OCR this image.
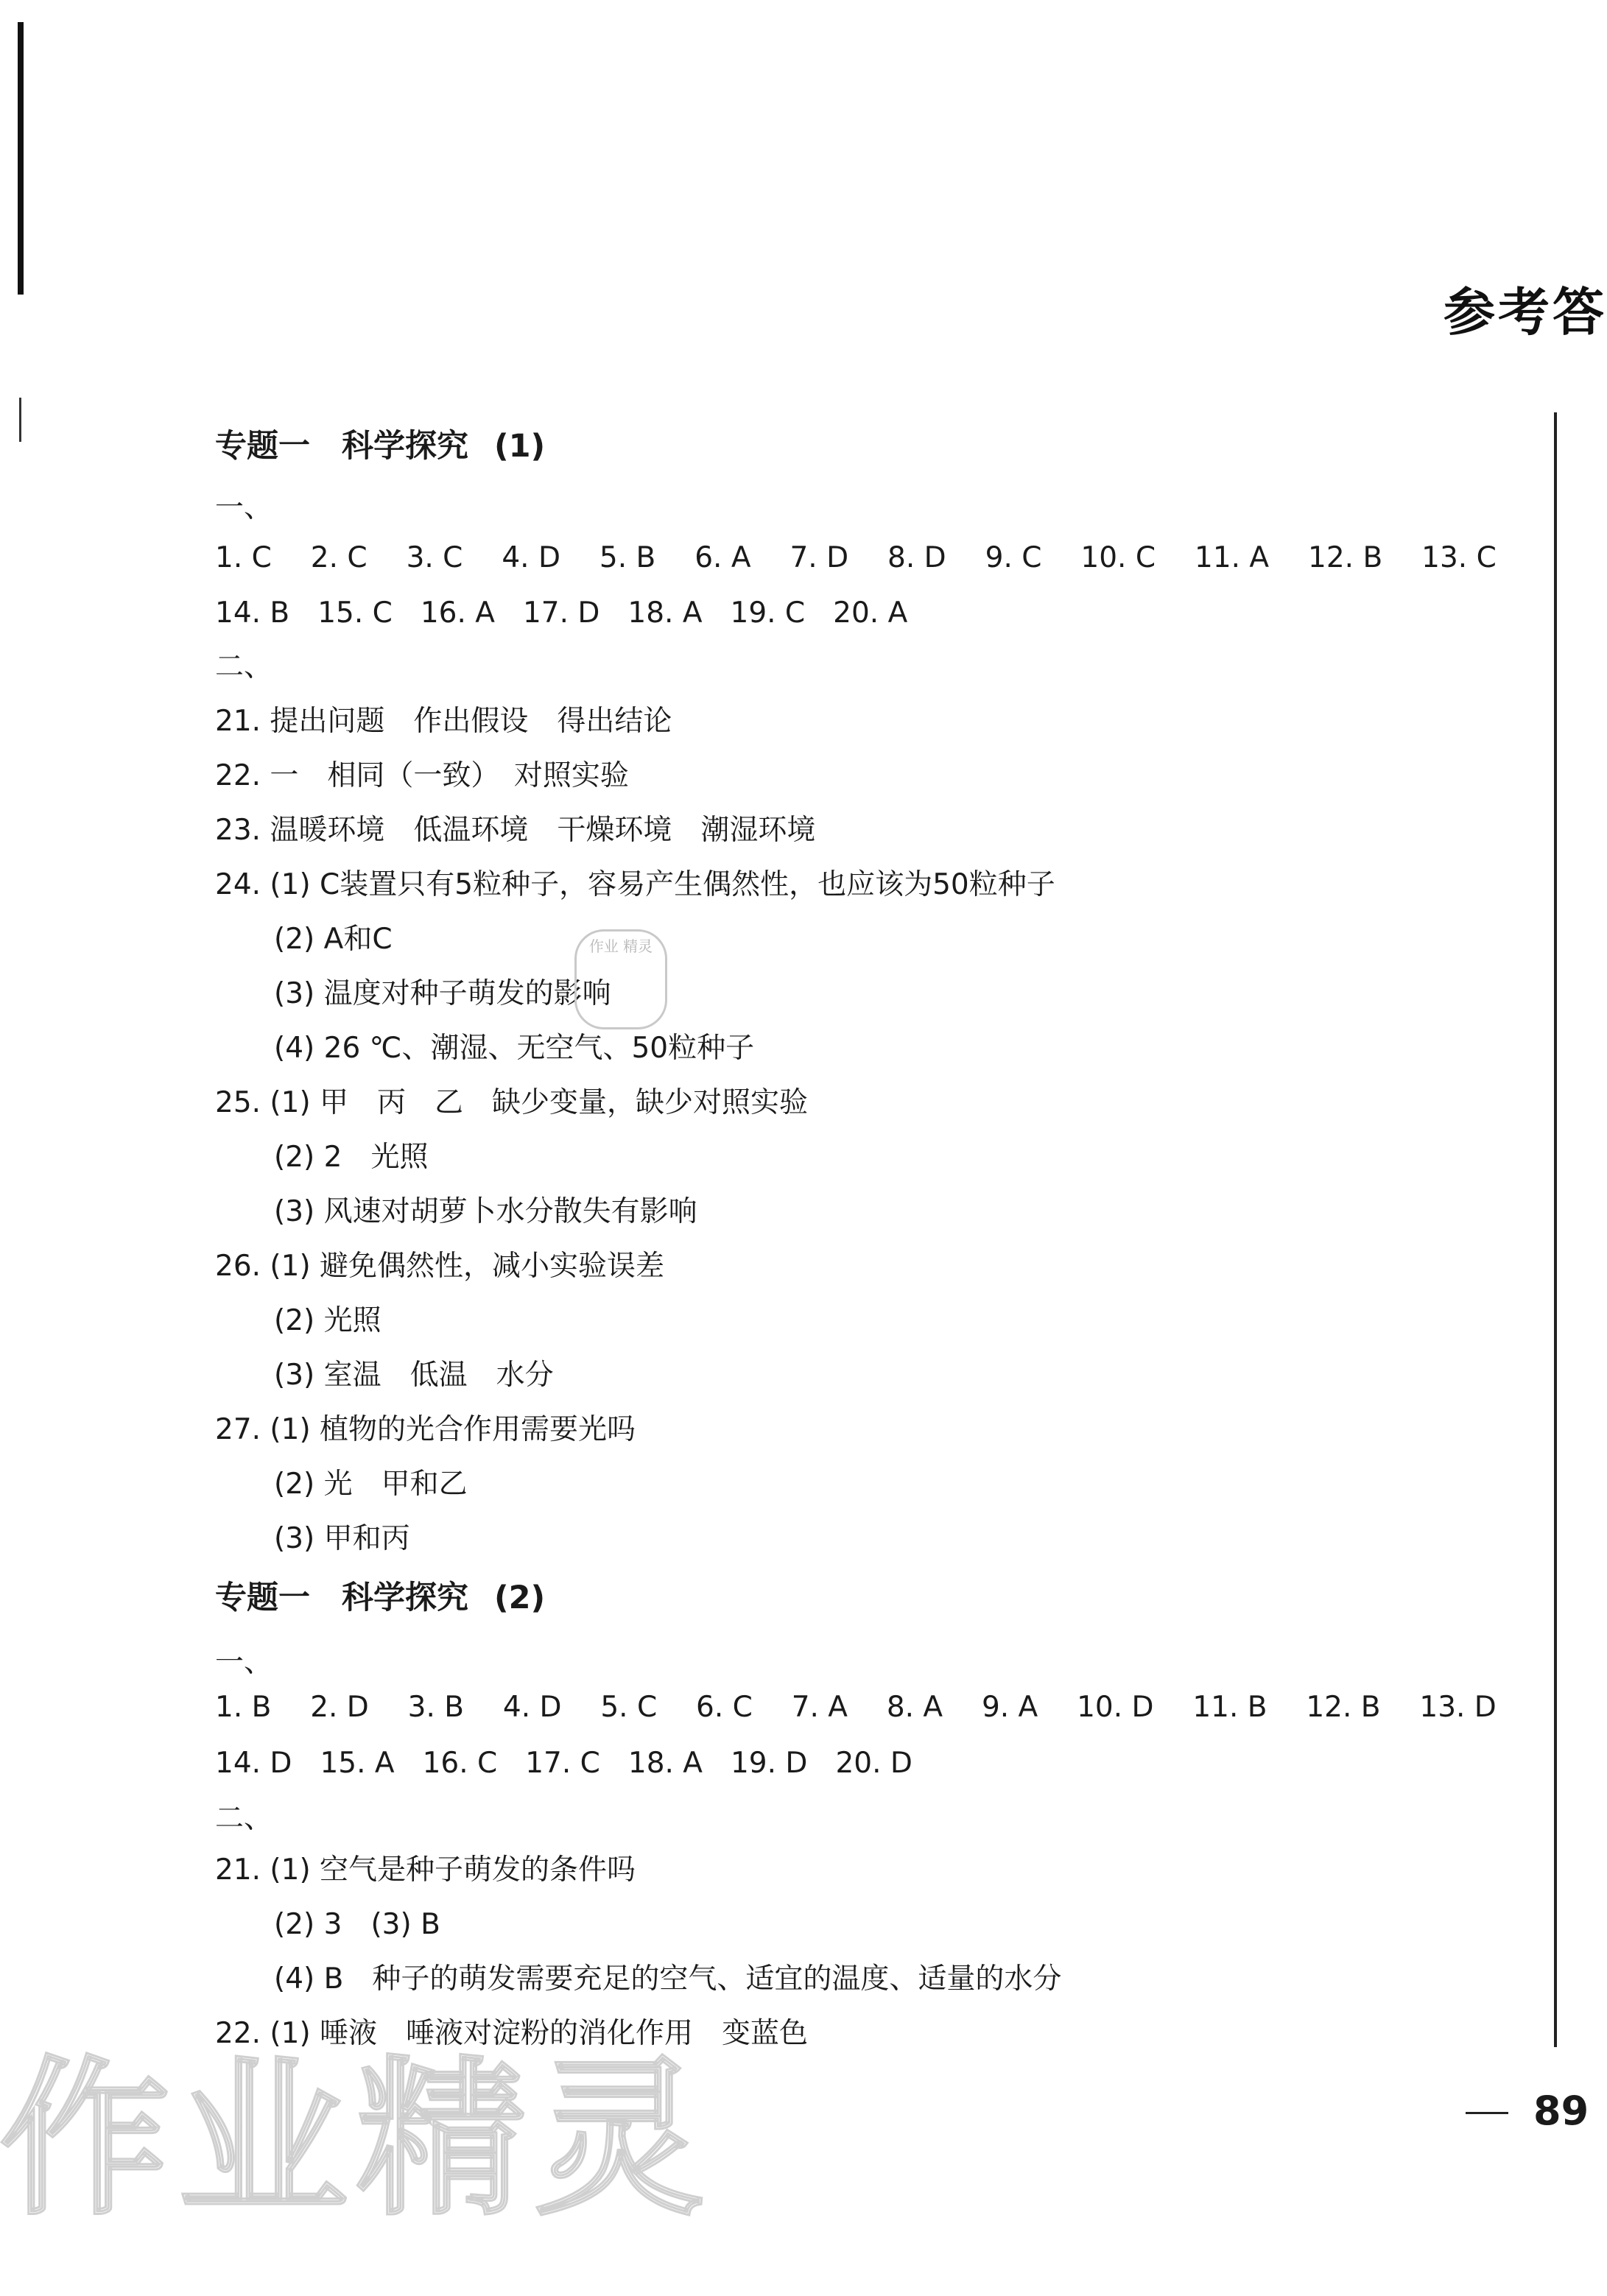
参考答
专题一　科学探究 (1)
一、
1. C 2. C 3. C 4. D 5. B 6. A 7. D 8. D 9. C 10. C 11. A 12. B 13. C
14. B 15. C 16. A 17. D 18. A 19. C 20. A
二、
21. 提出问题　作出假设　得出结论
22. 一　相同（一致）　对照实验
23. 温暖环境　低温环境　干燥环境　潮湿环境
24. (1) C装置只有5粒种子，容易产生偶然性，也应该为50粒种子
(2) A和C
(3) 温度对种子萌发的影响
(4) 26 ℃、潮湿、无空气、50粒种子
25. (1) 甲　丙　乙　缺少变量，缺少对照实验
(2) 2　光照
(3) 风速对胡萝卜水分散失有影响
26. (1) 避免偶然性，减小实验误差
(2) 光照
(3) 室温　低温　水分
27. (1) 植物的光合作用需要光吗
(2) 光　甲和乙
(3) 甲和丙
专题一　科学探究 (2)
一、
1. B 2. D 3. B 4. D 5. C 6. C 7. A 8. A 9. A 10. D 11. B 12. B 13. D
14. D 15. A 16. C 17. C 18. A 19. D 20. D
二、
21. (1) 空气是种子萌发的条件吗
(2) 3　(3) B
(4) B　种子的萌发需要充足的空气、适宜的温度、适量的水分
22. (1) 唾液　唾液对淀粉的消化作用　变蓝色
89
作业 精灵
作业精灵
